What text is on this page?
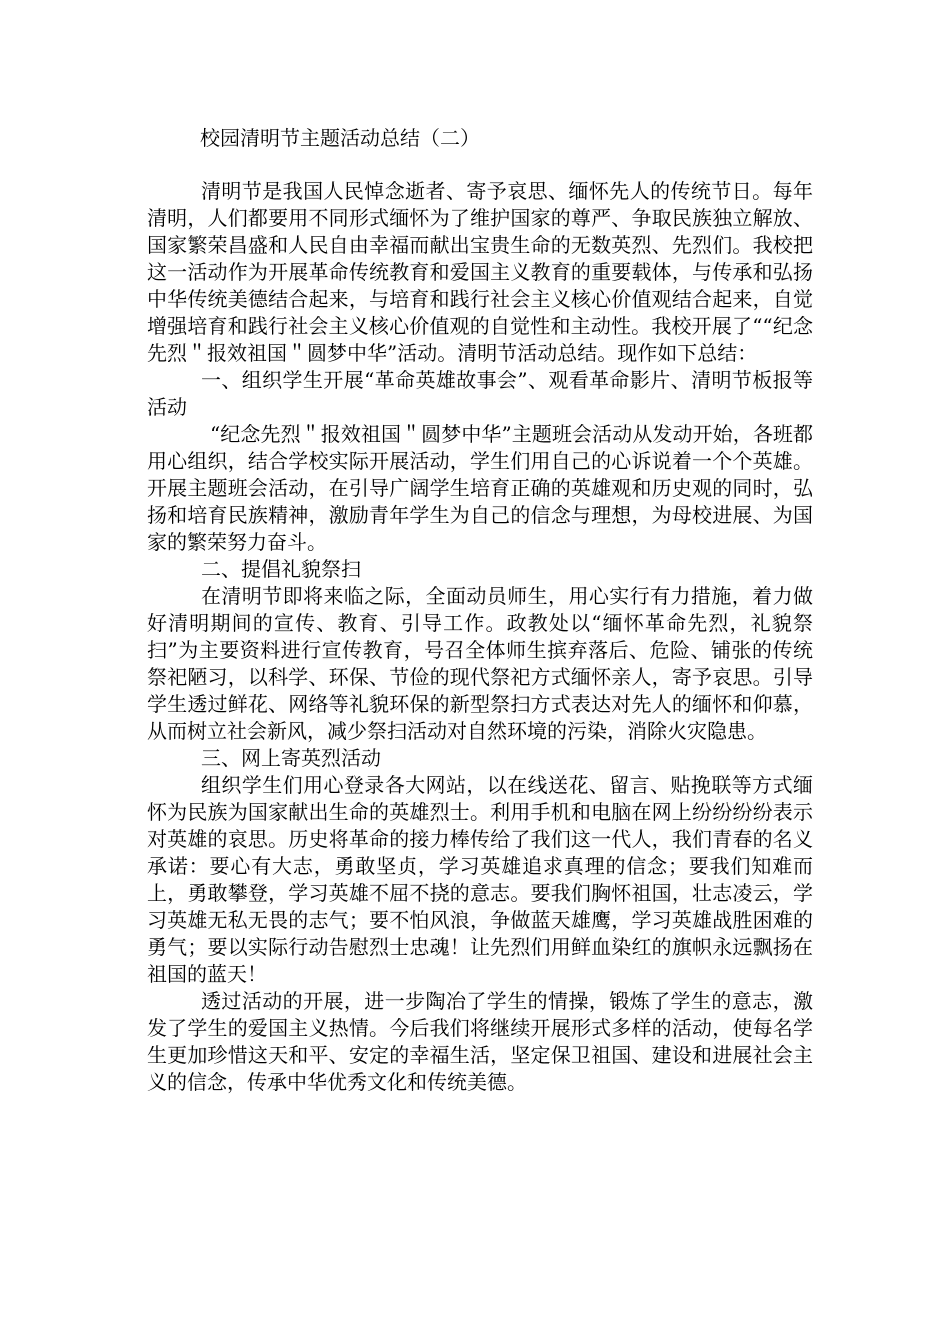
校园清明节主题活动总结（二）

清明节是我国人民悼念逝者、寄予哀思、缅怀先人的传统节日。每年清明，人们都要用不同形式缅怀为了维护国家的尊严、争取民族独立解放、国家繁荣昌盛和人民自由幸福而献出宝贵生命的无数英烈、先烈们。我校把这一活动作为开展革命传统教育和爱国主义教育的重要载体，与传承和弘扬中华传统美德结合起来，与培育和践行社会主义核心价值观结合起来，自觉增强培育和践行社会主义核心价值观的自觉性和主动性。我校开展了““纪念先烈＂报效祖国＂圆梦中华”活动。清明节活动总结。现作如下总结：

一、组织学生开展“革命英雄故事会”、观看革命影片、清明节板报等活动

“纪念先烈＂报效祖国＂圆梦中华”主题班会活动从发动开始，各班都用心组织，结合学校实际开展活动，学生们用自己的心诉说着一个个英雄。开展主题班会活动，在引导广阔学生培育正确的英雄观和历史观的同时，弘扬和培育民族精神，激励青年学生为自己的信念与理想，为母校进展、为国家的繁荣努力奋斗。

二、提倡礼貌祭扫

在清明节即将来临之际，全面动员师生，用心实行有力措施，着力做好清明期间的宣传、教育、引导工作。政教处以“缅怀革命先烈，礼貌祭扫”为主要资料进行宣传教育，号召全体师生摈弃落后、危险、铺张的传统祭祀陋习，以科学、环保、节俭的现代祭祀方式缅怀亲人，寄予哀思。引导学生透过鲜花、网络等礼貌环保的新型祭扫方式表达对先人的缅怀和仰慕，从而树立社会新风，减少祭扫活动对自然环境的污染，消除火灾隐患。

三、网上寄英烈活动

组织学生们用心登录各大网站，以在线送花、留言、贴挽联等方式缅怀为民族为国家献出生命的英雄烈士。利用手机和电脑在网上纷纷纷纷表示对英雄的哀思。历史将革命的接力棒传给了我们这一代人，我们青春的名义承诺：要心有大志，勇敢坚贞，学习英雄追求真理的信念；要我们知难而上，勇敢攀登，学习英雄不屈不挠的意志。要我们胸怀祖国，壮志凌云，学习英雄无私无畏的志气；要不怕风浪，争做蓝天雄鹰，学习英雄战胜困难的勇气；要以实际行动告慰烈士忠魂！让先烈们用鲜血染红的旗帜永远飘扬在祖国的蓝天！

透过活动的开展，进一步陶冶了学生的情操，锻炼了学生的意志，激发了学生的爱国主义热情。今后我们将继续开展形式多样的活动，使每名学生更加珍惜这天和平、安定的幸福生活，坚定保卫祖国、建设和进展社会主义的信念，传承中华优秀文化和传统美德。
